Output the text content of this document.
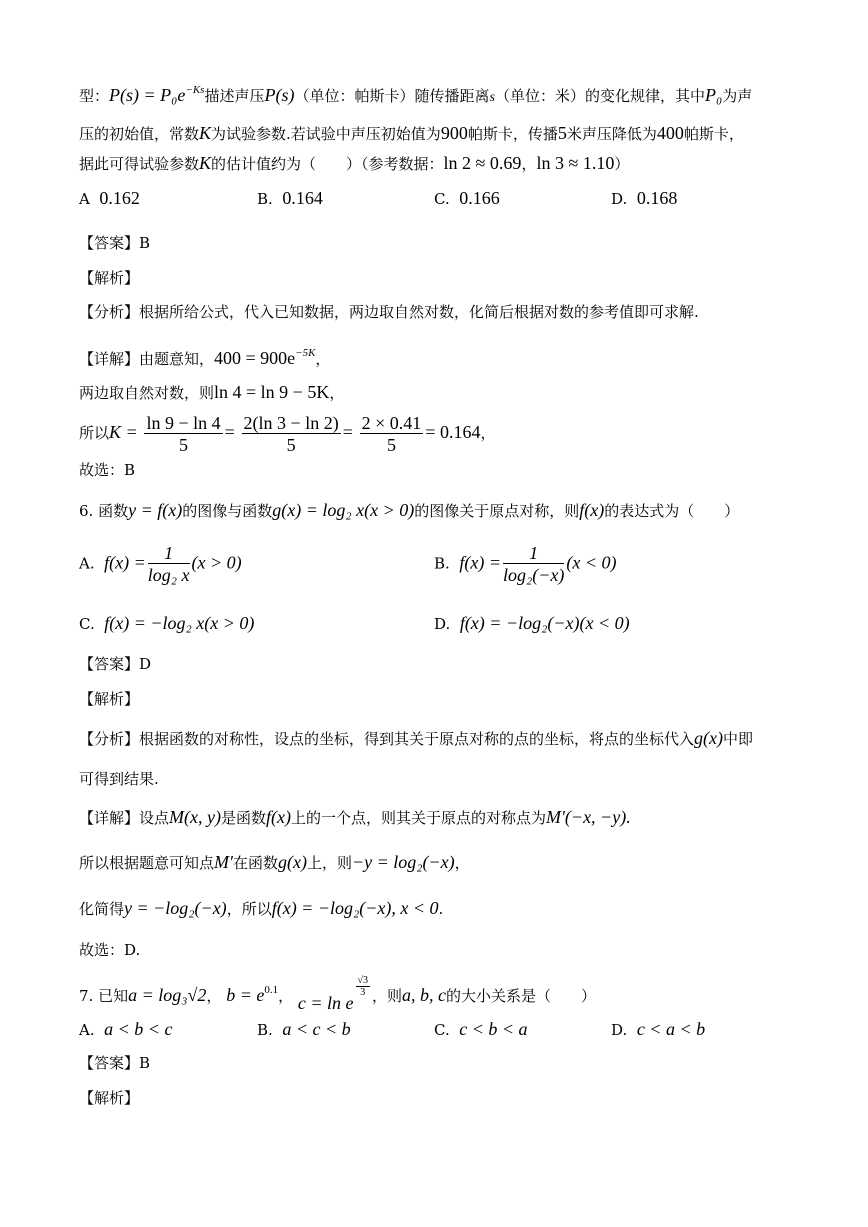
型：$P(s) = P_0e^{-Ks}$描述声压P(s)（单位：帕斯卡）随传播距离s（单位：米）的变化规律，其中P₀为声
压的初始值，常数K为试验参数.若试验中声压初始值为900帕斯卡，传播5米声压降低为400帕斯卡，
据此可得试验参数K的估计值约为（　　）（参考数据：ln 2 ≈ 0.69，ln 3 ≈ 1.10）
A 0.162	B. 0.164	C. 0.166	D. 0.168
【答案】B
【解析】
【分析】根据所给公式，代入已知数据，两边取自然对数，化简后根据对数的参考值即可求解.
【详解】由题意知，$400 = 900e^{-5K}$，
两边取自然对数，则ln 4 = ln 9 − 5K，
所以$K = \frac{\ln 9 - \ln 4}{5} = \frac{2(\ln 3 - \ln 2)}{5} = \frac{2 \times 0.41}{5} = 0.164$，
故选：B
6. 函数y = f(x)的图像与函数g(x) = log₂ x(x > 0)的图像关于原点对称，则f(x)的表达式为（　　）
A. $f(x) = \frac{1}{\text{log₂ x}} (x > 0)$	B. $f(x) = \frac{1}{\text{log₂(−x)}} (x < 0)$
C. f(x) = −log₂ x(x > 0)	D. f(x) = −log₂(−x)(x < 0)
【答案】D
【解析】
【分析】根据函数的对称性，设点的坐标，得到其关于原点对称的点的坐标，将点的坐标代入g(x)中即
可得到结果.
【详解】设点M(x, y)是函数f(x)上的一个点，则其关于原点的对称点为M′(−x, −y).
所以根据题意可知点M′在函数g(x)上，则−y = log₂(−x)，
化简得y = −log₂(−x)，所以f(x) = −log₂(−x), x < 0.
故选：D.
7. 已知a = log₃√2， $b = e^{0.1}$， c = ln e
$\frac{√3}{3}$ ，则a, b, c的大小关系是（　　）
A. a < b < c	B. a < c < b	C. c < b < a	D. c < a < b
【答案】B
【解析】
